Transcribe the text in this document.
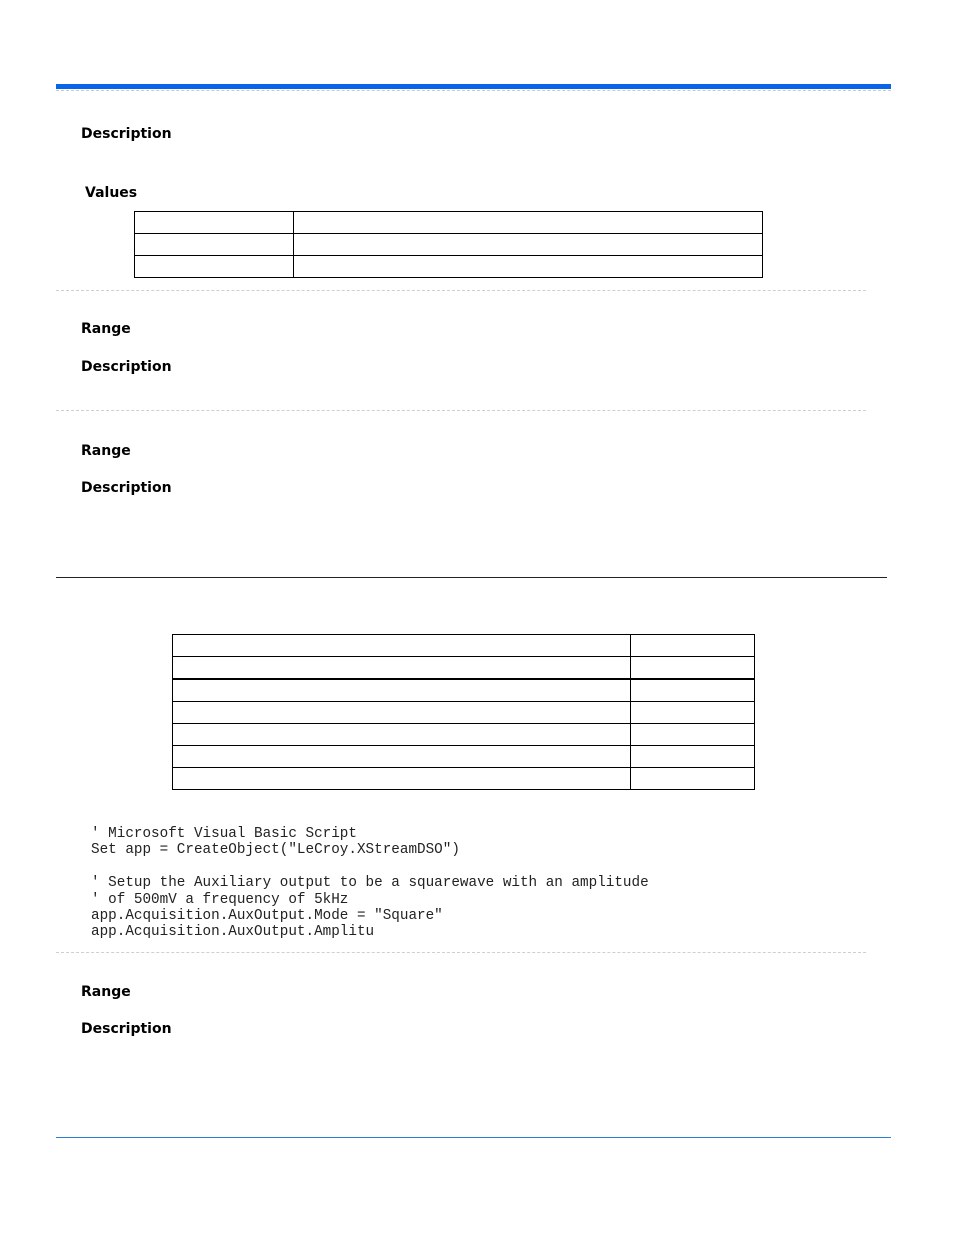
Description
Values

Range
Description
Range
Description

' Microsoft Visual Basic Script
Set app = CreateObject("LeCroy.XStreamDSO")

' Setup the Auxiliary output to be a squarewave with an amplitude
' of 500mV a frequency of 5kHz
app.Acquisition.AuxOutput.Mode = "Square"
app.Acquisition.AuxOutput.Amplitu
Range
Description
